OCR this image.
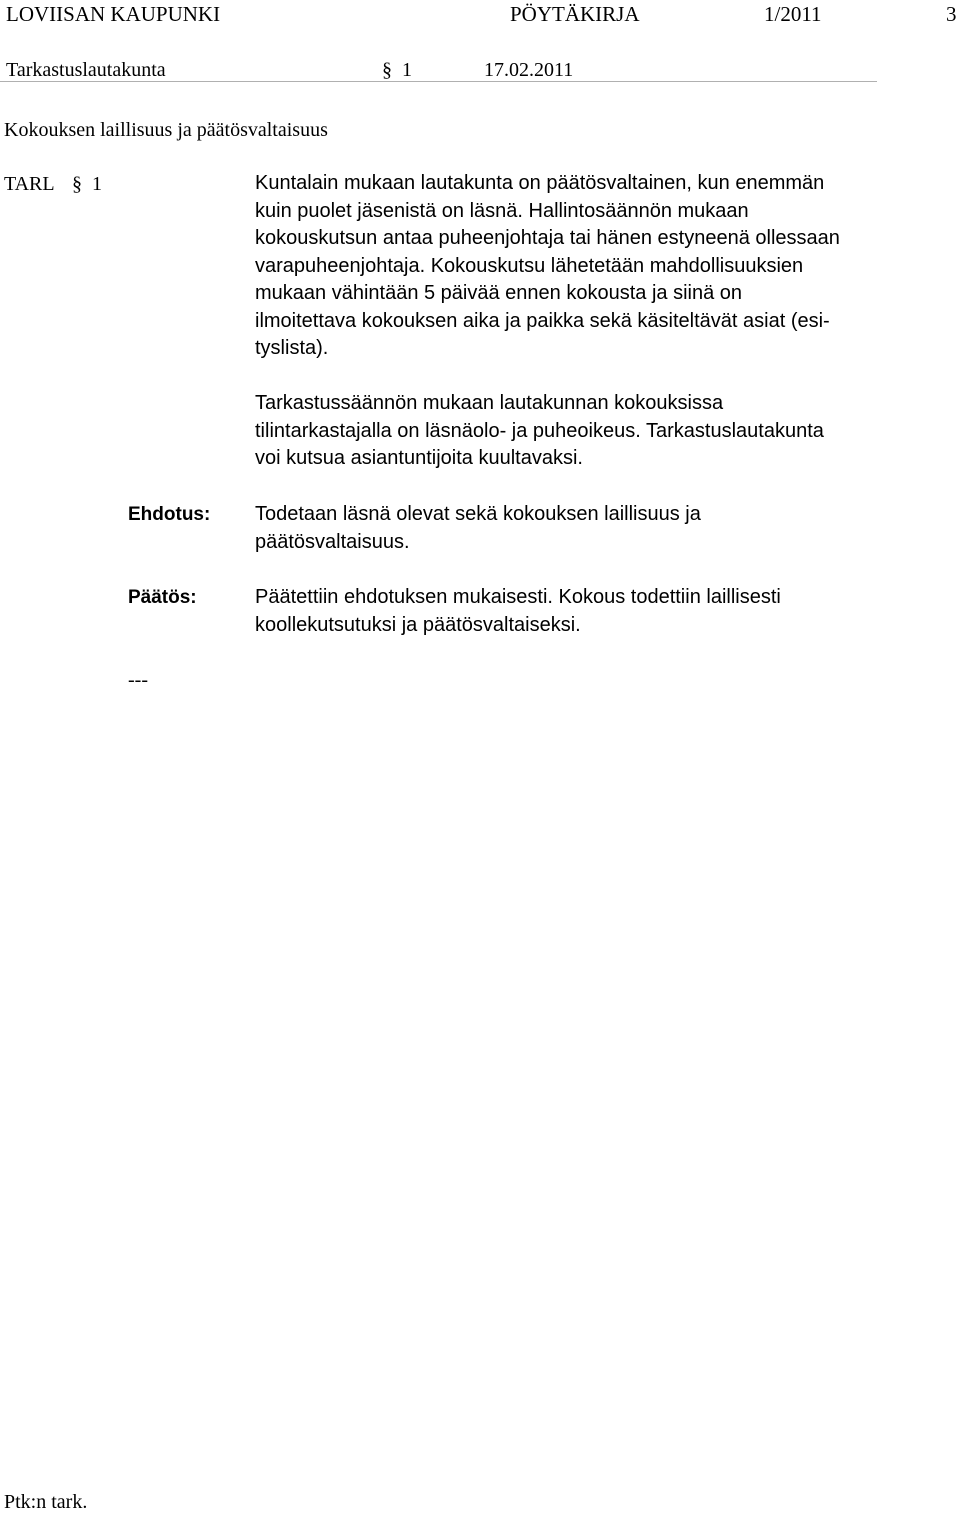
LOVIISAN KAUPUNKI	PÖYTÄKIRJA	1/2011	3
Tarkastuslautakunta	§ 1	17.02.2011
Kokouksen laillisuus ja päätösvaltaisuus
TARL § 1	Kuntalain mukaan lautakunta on päätösvaltainen, kun enemmän
kuin puolet jäsenistä on läsnä. Hallintosäännön mukaan
kokouskutsun antaa puheenjohtaja tai hänen estyneenä ollessaan
varapuheenjohtaja. Kokouskutsu lähetetään mahdollisuuksien
mukaan vähintään 5 päivää ennen kokousta ja siinä on
ilmoitettava kokouksen aika ja paikka sekä käsiteltävät asiat (esi-
tyslista).
Tarkastussäännön mukaan lautakunnan kokouksissa
tilintarkastajalla on läsnäolo- ja puheoikeus. Tarkastuslautakunta
voi kutsua asiantuntijoita kuultavaksi.
Ehdotus: Todetaan läsnä olevat sekä kokouksen laillisuus ja
päätösvaltaisuus.
Päätös:	Päätettiin ehdotuksen mukaisesti. Kokous todettiin laillisesti
koollekutsutuksi ja päätösvaltaiseksi.
---
Ptk:n tark.
